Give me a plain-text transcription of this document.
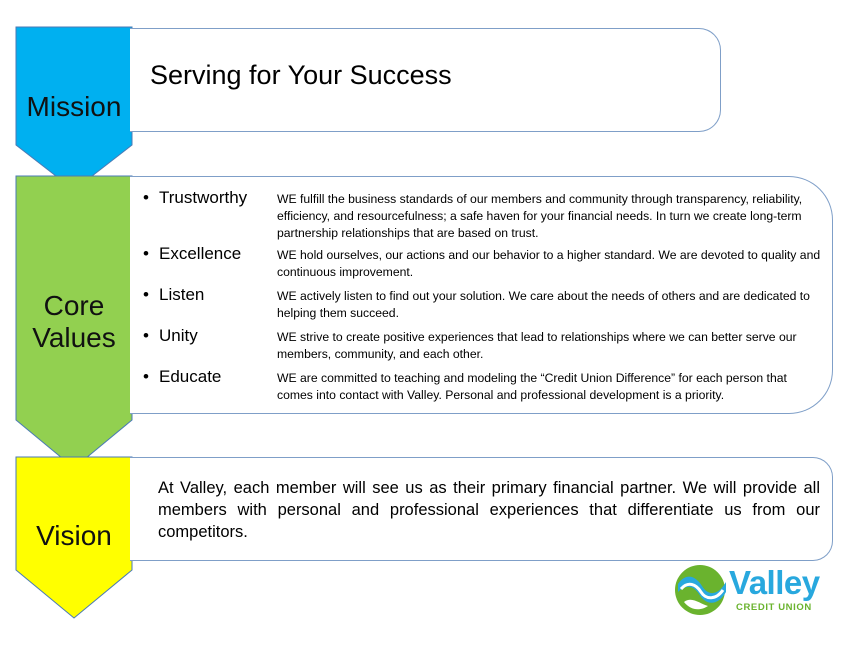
Mission
Serving for Your Success
Core
Values
• Trustworthy WE fulfill the business standards of our members and community through transparency, reliability, efficiency, and resourcefulness; a safe haven for your financial needs. In turn we create long-term partnership relationships that are based on trust.
• Excellence	WE hold ourselves, our actions and our behavior to a higher standard. We are devoted to quality and continuous improvement.
• Listen	WE actively listen to find out your solution. We care about the needs of others and are dedicated to helping them succeed.
• Unity	WE strive to create positive experiences that lead to relationships where we can better serve our members, community, and each other.
• Educate	WE are committed to teaching and modeling the “Credit Union Difference” for each person that comes into contact with Valley. Personal and professional development is a priority.
Vision
At Valley, each member will see us as their primary financial partner. We will provide all members with personal and professional experiences that differentiate us from our competitors.
Valley
CREDIT UNION
